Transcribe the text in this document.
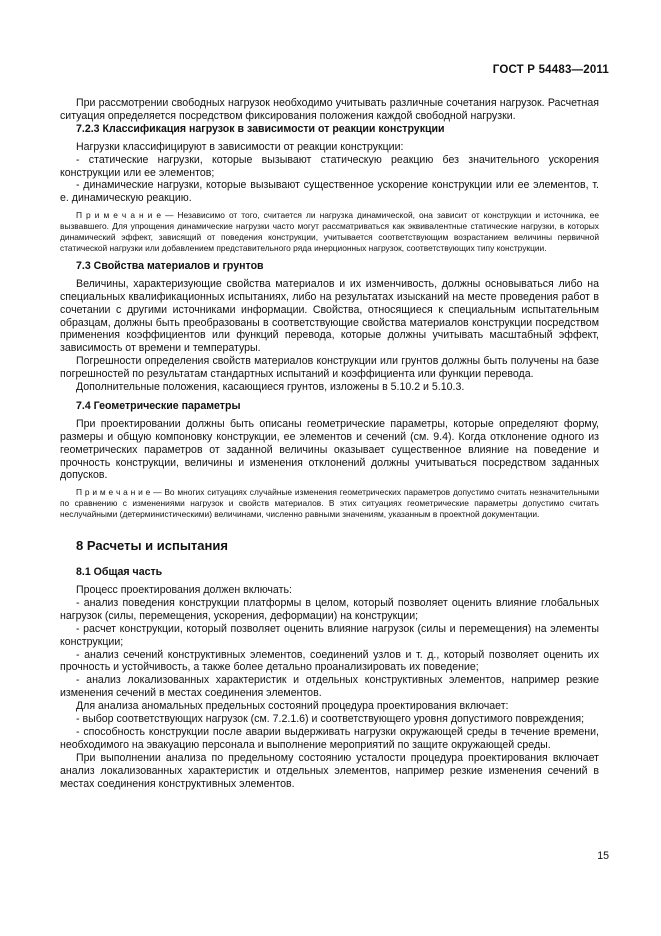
ГОСТ Р 54483—2011

При рассмотрении свободных нагрузок необходимо учитывать различные сочетания нагрузок. Расчетная ситуация определяется посредством фиксирования положения каждой свободной нагрузки.

7.2.3 Классификация нагрузок в зависимости от реакции конструкции

Нагрузки классифицируют в зависимости от реакции конструкции:

- статические нагрузки, которые вызывают статическую реакцию без значительного ускорения конструкции или ее элементов;

- динамические нагрузки, которые вызывают существенное ускорение конструкции или ее элементов, т. е. динамическую реакцию.

П р и м е ч а н и е — Независимо от того, считается ли нагрузка динамической, она зависит от конструкции и источника, ее вызвавшего. Для упрощения динамические нагрузки часто могут рассматриваться как эквивалентные статические нагрузки, в которых динамический эффект, зависящий от поведения конструкции, учитывается соответствующим возрастанием величины первичной статической нагрузки или добавлением представительного ряда инерционных нагрузок, соответствующих типу конструкции.

7.3 Свойства материалов и грунтов

Величины, характеризующие свойства материалов и их изменчивость, должны основываться либо на специальных квалификационных испытаниях, либо на результатах изысканий на месте проведения работ в сочетании с другими источниками информации. Свойства, относящиеся к специальным испытательным образцам, должны быть преобразованы в соответствующие свойства материалов конструкции посредством применения коэффициентов или функций перевода, которые должны учитывать масштабный эффект, зависимость от времени и температуры.

Погрешности определения свойств материалов конструкции или грунтов должны быть получены на базе погрешностей по результатам стандартных испытаний и коэффициента или функции перевода.

Дополнительные положения, касающиеся грунтов, изложены в 5.10.2 и 5.10.3.

7.4 Геометрические параметры

При проектировании должны быть описаны геометрические параметры, которые определяют форму, размеры и общую компоновку конструкции, ее элементов и сечений (см. 9.4). Когда отклонение одного из геометрических параметров от заданной величины оказывает существенное влияние на поведение и прочность конструкции, величины и изменения отклонений должны учитываться посредством заданных допусков.

П р и м е ч а н и е — Во многих ситуациях случайные изменения геометрических параметров допустимо считать незначительными по сравнению с изменениями нагрузок и свойств материалов. В этих ситуациях геометрические параметры допустимо считать неслучайными (детерминистическими) величинами, численно равными значениям, указанным в проектной документации.

8 Расчеты и испытания
8.1 Общая часть

Процесс проектирования должен включать:

- анализ поведения конструкции платформы в целом, который позволяет оценить влияние глобальных нагрузок (силы, перемещения, ускорения, деформации) на конструкции;

- расчет конструкции, который позволяет оценить влияние нагрузок (силы и перемещения) на элементы конструкции;

- анализ сечений конструктивных элементов, соединений узлов и т. д., который позволяет оценить их прочность и устойчивость, а также более детально проанализировать их поведение;

- анализ локализованных характеристик и отдельных конструктивных элементов, например резкие изменения сечений в местах соединения элементов.

Для анализа аномальных предельных состояний процедура проектирования включает:

- выбор соответствующих нагрузок (см. 7.2.1.6) и соответствующего уровня допустимого повреждения;

- способность конструкции после аварии выдерживать нагрузки окружающей среды в течение времени, необходимого на эвакуацию персонала и выполнение мероприятий по защите окружающей среды.

При выполнении анализа по предельному состоянию усталости процедура проектирования включает анализ локализованных характеристик и отдельных элементов, например резкие изменения сечений в местах соединения конструктивных элементов.

15
